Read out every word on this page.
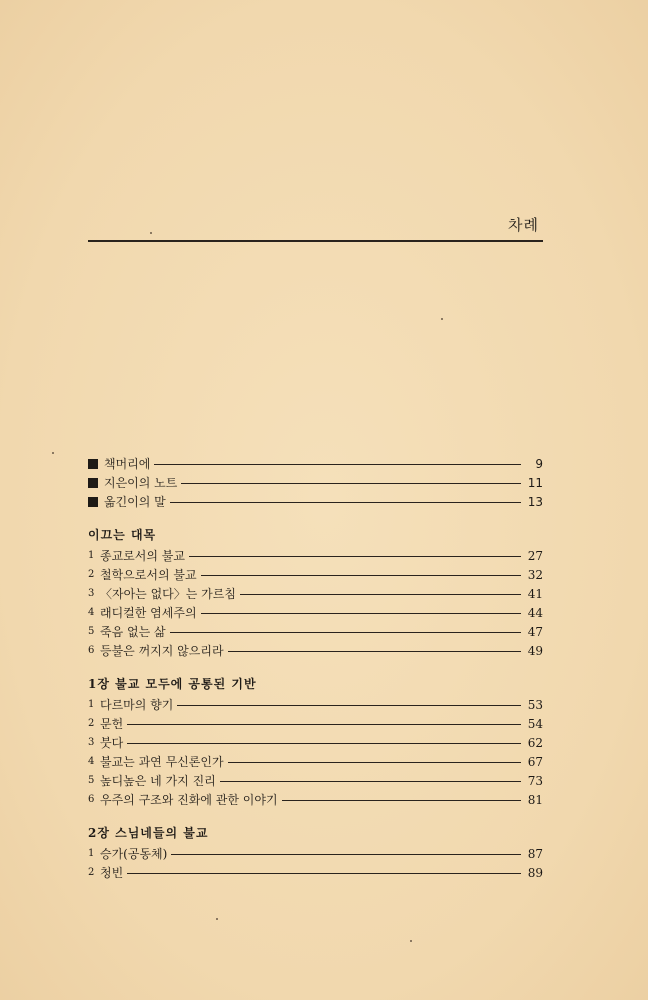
차례
책머리에	9
지은이의 노트	11
옮긴이의 말	13
이끄는 대목
1 종교로서의 불교	27
2 철학으로서의 불교	32
3 〈자아는 없다〉는 가르침	41
4 래디컬한 염세주의	44
5 죽음 없는 삶	47
6 등불은 꺼지지 않으리라	49
1장 불교 모두에 공통된 기반
1 다르마의 향기	53
2 문헌	54
3 붓다	62
4 불교는 과연 무신론인가	67
5 높디높은 네 가지 진리	73
6 우주의 구조와 진화에 관한 이야기	81
2장 스님네들의 불교
1 승가(공동체)	87
2 청빈	89
